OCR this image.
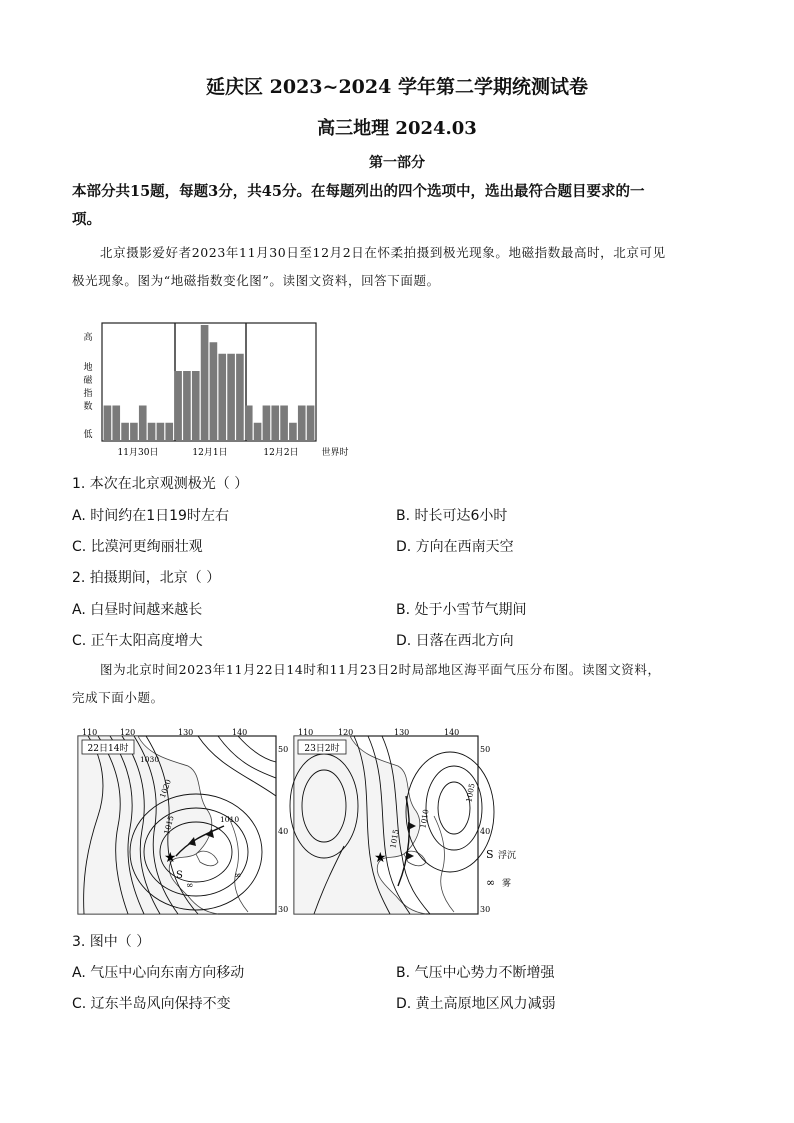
延庆区 2023~2024 学年第二学期统测试卷
高三地理 2024.03
第一部分
本部分共15题，每题3分，共45分。在每题列出的四个选项中，选出最符合题目要求的一
项。
北京摄影爱好者2023年11月30日至12月2日在怀柔拍摄到极光现象。地磁指数最高时，北京可见
极光现象。图为“地磁指数变化图”。读图文资料，回答下面题。
高
地
磁
指
数
低
11月30日	12月1日	12月2日	世界时
1. 本次在北京观测极光（ ）
A. 时间约在1日19时左右	B. 时长可达6小时
C. 比漠河更绚丽壮观	D. 方向在西南天空
2. 拍摄期间，北京（ ）
A. 白昼时间越来越长	B. 处于小雪节气期间
C. 正午太阳高度增大	D. 日落在西北方向
图为北京时间2023年11月22日14时和11月23日2时局部地区海平面气压分布图。读图文资料，
完成下面小题。
★
22日14时
1030
1020
1015	1010
S
∞
∞
110	120	130	140
50
40
30
★
23日2时
1010
1015
1005
110	120	130	140
50
40
30
S 浮沉
∞ 雾
3. 图中（ ）
A. 气压中心向东南方向移动	B. 气压中心势力不断增强
C. 辽东半岛风向保持不变	D. 黄土高原地区风力减弱
